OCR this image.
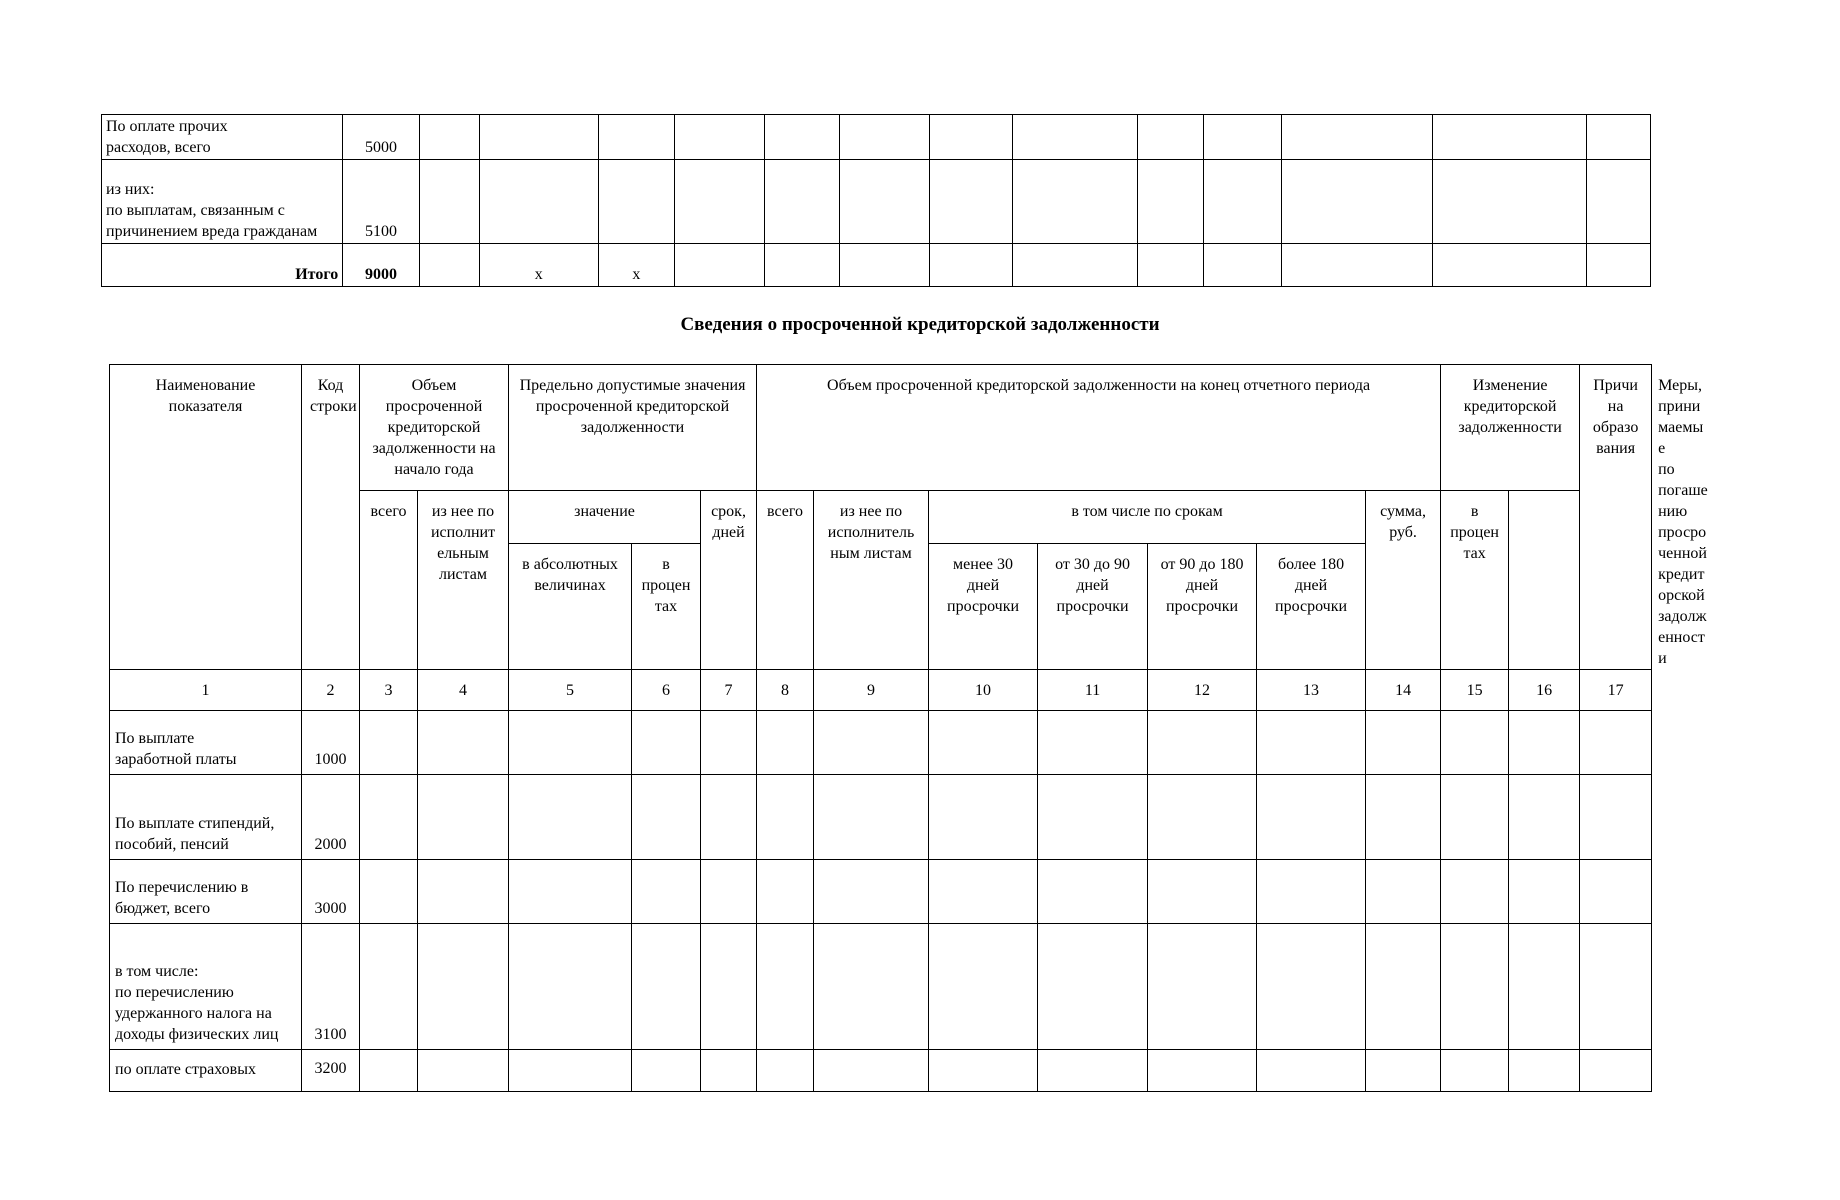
По оплате прочих расходов, всего	5000													
из них:
по выплатам, связанным с причинением вреда гражданам	5100													
Итого	9000		x	x										
Сведения о просроченной кредиторской задолженности
Наименование показателя	Код строки	Объем просроченной кредиторской задолженности на начало года		Предельно допустимые значения просроченной кредиторской задолженности			Объем просроченной кредиторской задолженности на конец отчетного периода							Изменение кредиторской задолженности		Причи на образо вания	Меры, прини маемы е по погаше нию просро ченной кредит орской задолж енност и
		всего	из нее по исполнит ельным листам	значение		срок, дней	всего	из нее по исполнитель ным листам	в том числе по срокам				сумма, руб.	в процен тах			
				в абсолютных величинах	в процен тах				менее 30 дней просрочки	от 30 до 90 дней просрочки	от 90 до 180 дней просрочки	более 180 дней просрочки					
1	2	3	4	5	6	7	8	9	10	11	12	13	14	15	16	17	
По выплате заработной платы	1000																
По выплате стипендий, пособий, пенсий	2000																
По перечислению в бюджет, всего	3000																
в том числе:
по перечислению удержанного налога на доходы физических лиц	3100																
по оплате страховых	3200																
